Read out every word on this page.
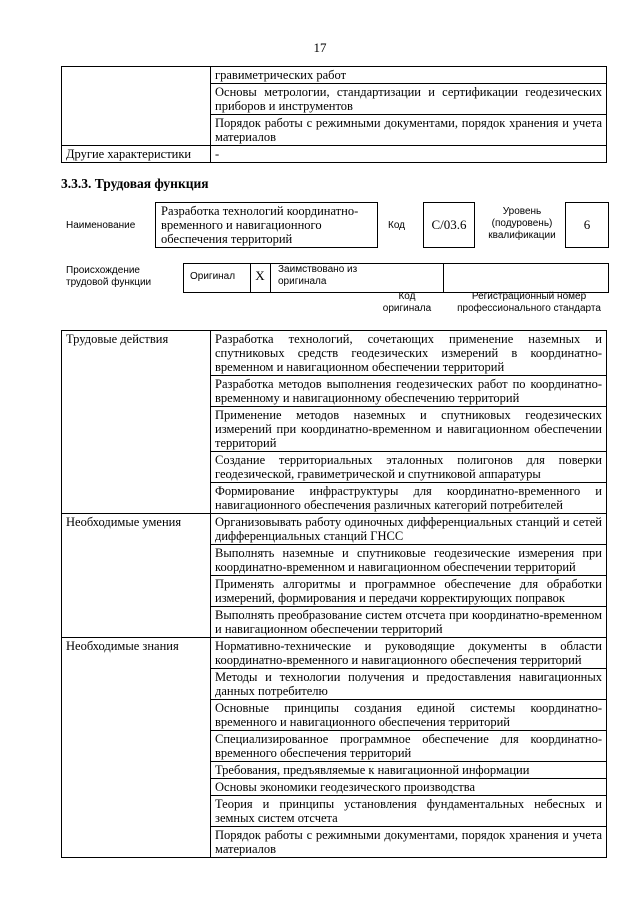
17
	гравиметрических работ
	Основы метрологии, стандартизации и сертификации геодезических приборов и инструментов
	Порядок работы с режимными документами, порядок хранения и учета материалов
Другие характеристики	-
3.3.3. Трудовая функция
Наименование
Разработка технологий координатно-временного и навигационного обеспечения территорий
Код	С/03.6
Уровень (подуровень) квалификации
6
Происхождение трудовой функции
Оригинал	Х	Заимствовано из оригинала
Код оригинала
Регистрационный номер профессионального стандарта
Трудовые действия	Разработка технологий, сочетающих применение наземных и спутниковых средств геодезических измерений в координатно-временном и навигационном обеспечении территорий
	Разработка методов выполнения геодезических работ по координатно-временному и навигационному обеспечению территорий
	Применение методов наземных и спутниковых геодезических измерений при координатно-временном и навигационном обеспечении территорий
	Создание территориальных эталонных полигонов для поверки геодезической, гравиметрической и спутниковой аппаратуры
	Формирование инфраструктуры для координатно-временного и навигационного обеспечения различных категорий потребителей
Необходимые умения	Организовывать работу одиночных дифференциальных станций и сетей дифференциальных станций ГНСС
	Выполнять наземные и спутниковые геодезические измерения при координатно-временном и навигационном обеспечении территорий
	Применять алгоритмы и программное обеспечение для обработки измерений, формирования и передачи корректирующих поправок
	Выполнять преобразование систем отсчета при координатно-временном и навигационном обеспечении территорий
Необходимые знания	Нормативно-технические и руководящие документы в области координатно-временного и навигационного обеспечения территорий
	Методы и технологии получения и предоставления навигационных данных потребителю
	Основные принципы создания единой системы координатно-временного и навигационного обеспечения территорий
	Специализированное программное обеспечение для координатно-временного обеспечения территорий
	Требования, предъявляемые к навигационной информации
	Основы экономики геодезического производства
	Теория и принципы установления фундаментальных небесных и земных систем отсчета
	Порядок работы с режимными документами, порядок хранения и учета материалов
